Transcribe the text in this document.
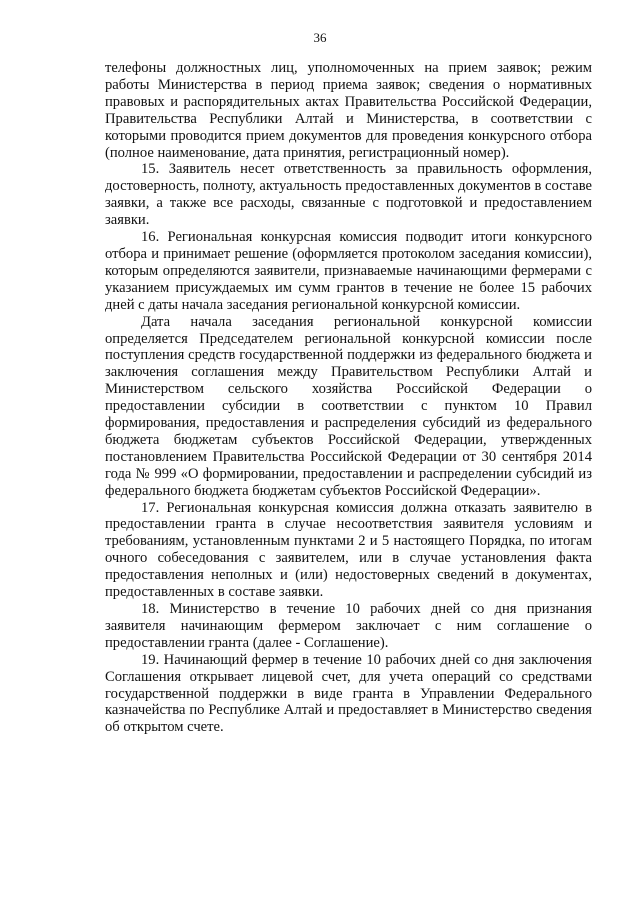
36

телефоны должностных лиц, уполномоченных на прием заявок; режим работы Министерства в период приема заявок; сведения о нормативных правовых и распорядительных актах Правительства Российской Федерации, Правительства Республики Алтай и Министерства, в соответствии с которыми проводится прием документов для проведения конкурсного отбора (полное наименование, дата принятия, регистрационный номер).

15. Заявитель несет ответственность за правильность оформления, достоверность, полноту, актуальность предоставленных документов в составе заявки, а также все расходы, связанные с подготовкой и предоставлением заявки.

16. Региональная конкурсная комиссия подводит итоги конкурсного отбора и принимает решение (оформляется протоколом заседания комиссии), которым определяются заявители, признаваемые начинающими фермерами с указанием присуждаемых им сумм грантов в течение не более 15 рабочих дней с даты начала заседания региональной конкурсной комиссии.

Дата начала заседания региональной конкурсной комиссии определяется Председателем региональной конкурсной комиссии после поступления средств государственной поддержки из федерального бюджета и заключения соглашения между Правительством Республики Алтай и Министерством сельского хозяйства Российской Федерации о предоставлении субсидии в соответствии с пунктом 10 Правил формирования, предоставления и распределения субсидий из федерального бюджета бюджетам субъектов Российской Федерации, утвержденных постановлением Правительства Российской Федерации от 30 сентября 2014 года № 999 «О формировании, предоставлении и распределении субсидий из федерального бюджета бюджетам субъектов Российской Федерации».

17. Региональная конкурсная комиссия должна отказать заявителю в предоставлении гранта в случае несоответствия заявителя условиям и требованиям, установленным пунктами 2 и 5 настоящего Порядка, по итогам очного собеседования с заявителем, или в случае установления факта предоставления неполных и (или) недостоверных сведений в документах, предоставленных в составе заявки.

18. Министерство в течение 10 рабочих дней со дня признания заявителя начинающим фермером заключает с ним соглашение о предоставлении гранта (далее - Соглашение).

19. Начинающий фермер в течение 10 рабочих дней со дня заключения Соглашения открывает лицевой счет, для учета операций со средствами государственной поддержки в виде гранта в Управлении Федерального казначейства по Республике Алтай и предоставляет в Министерство сведения об открытом счете.
